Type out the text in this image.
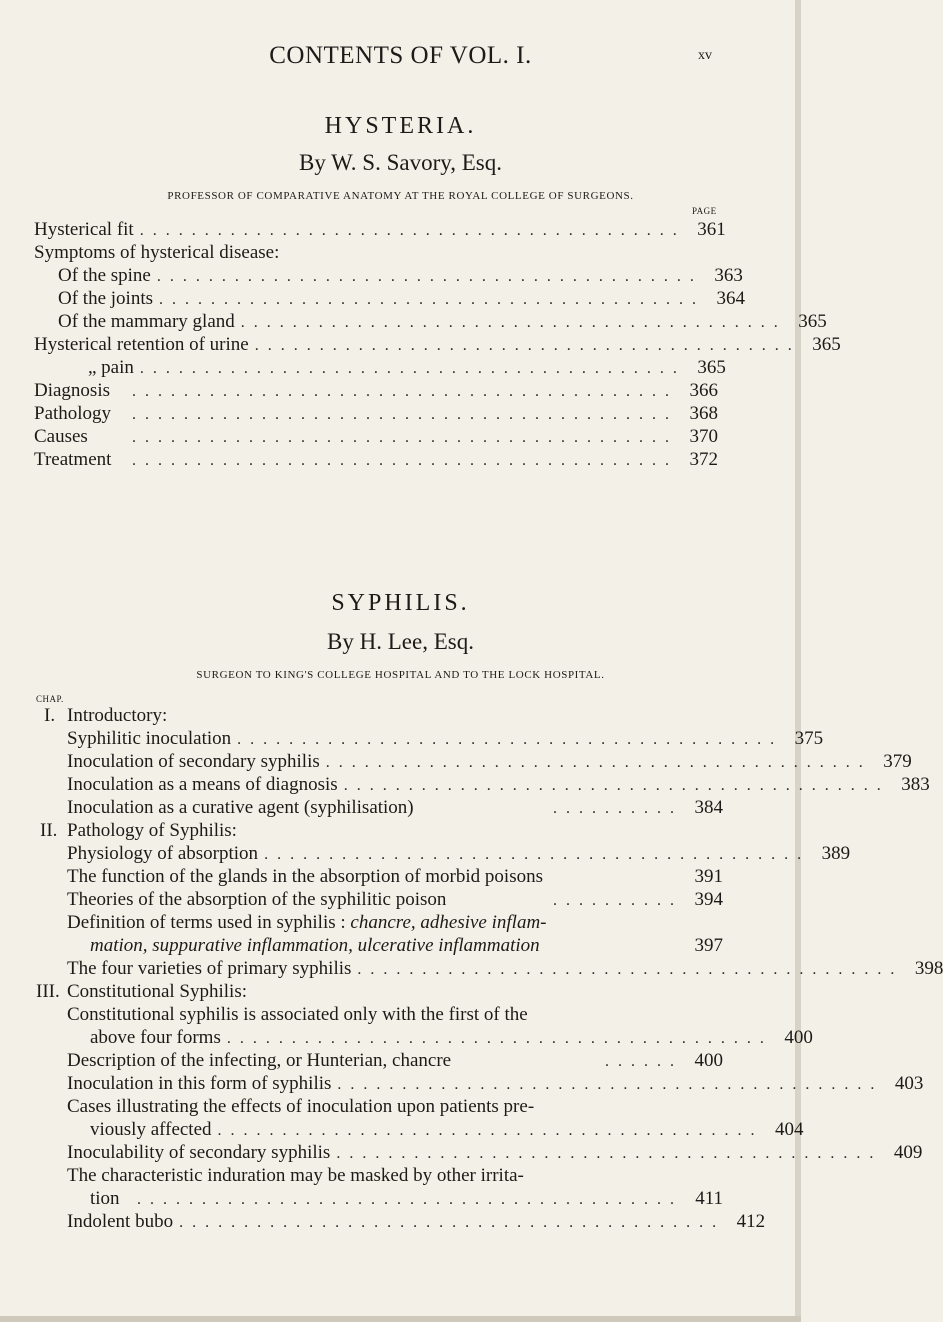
CONTENTS OF VOL. I.	xv
HYSTERIA.
By W. S. Savory, Esq.
PROFESSOR OF COMPARATIVE ANATOMY AT THE ROYAL COLLEGE OF SURGEONS.
PAGE
Hysterical fit .......................................... 361
Symptoms of hysterical disease:
Of the spine .......................................... 363
Of the joints .......................................... 364
Of the mammary gland .......................................... 365
Hysterical retention of urine .......................................... 365
„ pain .......................................... 365
Diagnosis	.......................................... 366
Pathology	.......................................... 368
Causes	.......................................... 370
Treatment	.......................................... 372
SYPHILIS.
By H. Lee, Esq.
SURGEON TO KING'S COLLEGE HOSPITAL AND TO THE LOCK HOSPITAL.
CHAP.
I. Introductory:
Syphilitic inoculation .......................................... 375
Inoculation of secondary syphilis .......................................... 379
Inoculation as a means of diagnosis .......................................... 383
Inoculation as a curative agent (syphilisation)	.......... 384
II. Pathology of Syphilis:
Physiology of absorption .......................................... 389
The function of the glands in the absorption of morbid poisons	391
Theories of the absorption of the syphilitic poison	.......... 394
Definition of terms used in syphilis : chancre, adhesive inflam-
mation, suppurative inflammation, ulcerative inflammation	397
The four varieties of primary syphilis .......................................... 398
III. Constitutional Syphilis:
Constitutional syphilis is associated only with the first of the
above four forms .......................................... 400
Description of the infecting, or Hunterian, chancre	...... 400
Inoculation in this form of syphilis .......................................... 403
Cases illustrating the effects of inoculation upon patients pre-
viously affected .......................................... 404
Inoculability of secondary syphilis .......................................... 409
The characteristic induration may be masked by other irrita-
tion	.......................................... 411
Indolent bubo .......................................... 412
